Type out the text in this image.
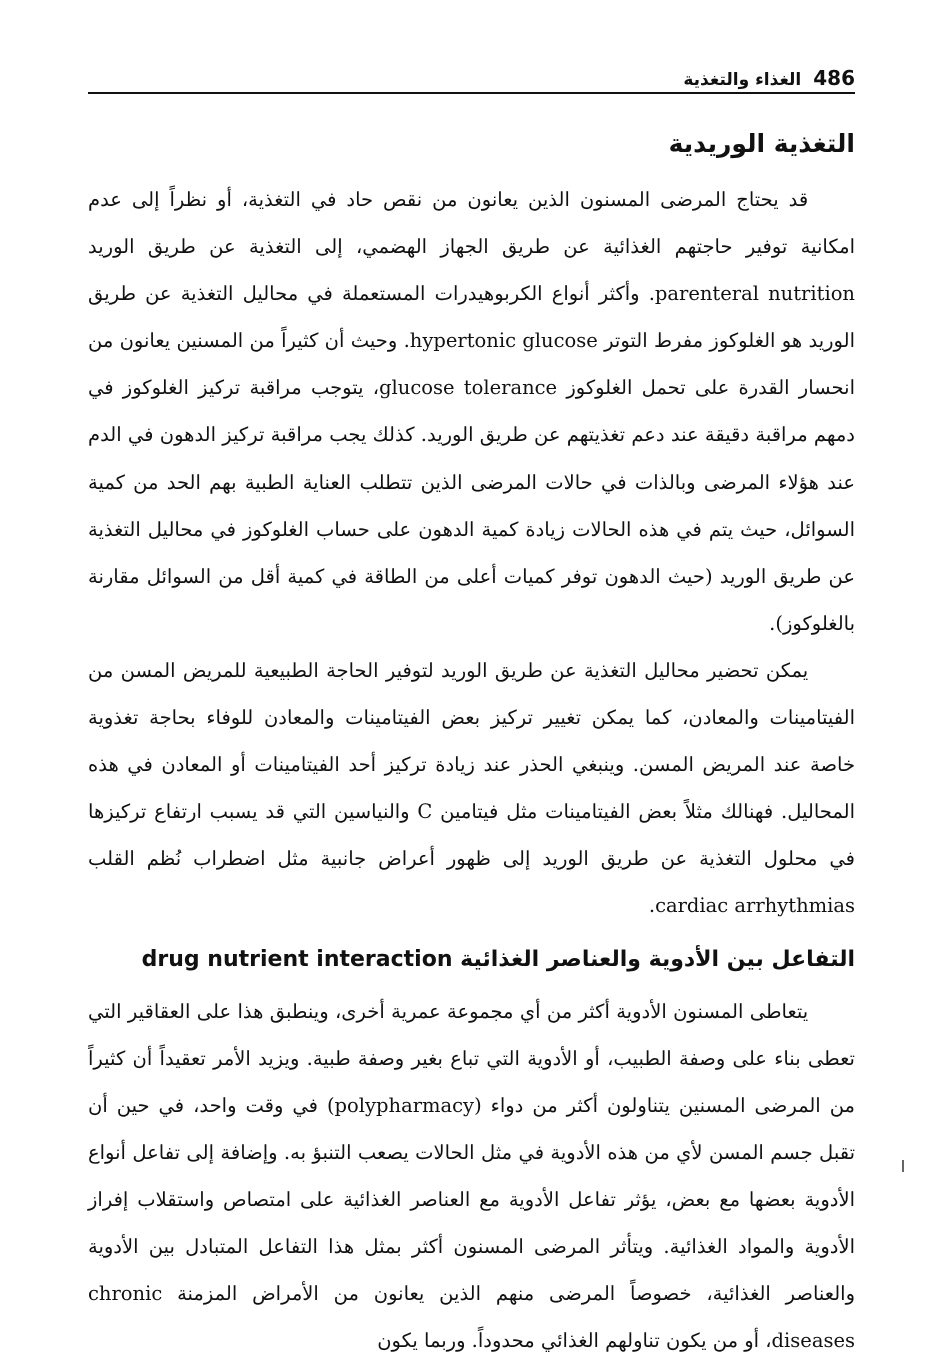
486
الغذاء والتغذية
التغذية الوريدية

قد يحتاج المرضى المسنون الذين يعانون من نقص حاد في التغذية، أو نظراً إلى عدم امكانية توفير حاجتهم الغذائية عن طريق الجهاز الهضمي، إلى التغذية عن طريق الوريد parenteral nutrition. وأكثر أنواع الكربوهيدرات المستعملة في محاليل التغذية عن طريق الوريد هو الغلوكوز مفرط التوتر hypertonic glucose. وحيث أن كثيراً من المسنين يعانون من انحسار القدرة على تحمل الغلوكوز glucose tolerance، يتوجب مراقبة تركيز الغلوكوز في دمهم مراقبة دقيقة عند دعم تغذيتهم عن طريق الوريد. كذلك يجب مراقبة تركيز الدهون في الدم عند هؤلاء المرضى وبالذات في حالات المرضى الذين تتطلب العناية الطبية بهم الحد من كمية السوائل، حيث يتم في هذه الحالات زيادة كمية الدهون على حساب الغلوكوز في محاليل التغذية عن طريق الوريد (حيث الدهون توفر كميات أعلى من الطاقة في كمية أقل من السوائل مقارنة بالغلوكوز).

يمكن تحضير محاليل التغذية عن طريق الوريد لتوفير الحاجة الطبيعية للمريض المسن من الفيتامينات والمعادن، كما يمكن تغيير تركيز بعض الفيتامينات والمعادن للوفاء بحاجة تغذوية خاصة عند المريض المسن. وينبغي الحذر عند زيادة تركيز أحد الفيتامينات أو المعادن في هذه المحاليل. فهنالك مثلاً بعض الفيتامينات مثل فيتامين C والنياسين التي قد يسبب ارتفاع تركيزها في محلول التغذية عن طريق الوريد إلى ظهور أعراض جانبية مثل اضطراب نُظم القلب cardiac arrhythmias.

التفاعل بين الأدوية والعناصر الغذائية drug nutrient interaction

يتعاطى المسنون الأدوية أكثر من أي مجموعة عمرية أخرى، وينطبق هذا على العقاقير التي تعطى بناء على وصفة الطبيب، أو الأدوية التي تباع بغير وصفة طبية. ويزيد الأمر تعقيداً أن كثيراً من المرضى المسنين يتناولون أكثر من دواء (polypharmacy) في وقت واحد، في حين أن تقبل جسم المسن لأي من هذه الأدوية في مثل الحالات يصعب التنبؤ به. وإضافة إلى تفاعل أنواع الأدوية بعضها مع بعض، يؤثر تفاعل الأدوية مع العناصر الغذائية على امتصاص واستقلاب إفراز الأدوية والمواد الغذائية. ويتأثر المرضى المسنون أكثر بمثل هذا التفاعل المتبادل بين الأدوية والعناصر الغذائية، خصوصاً المرضى منهم الذين يعانون من الأمراض المزمنة chronic diseases، أو من يكون تناولهم الغذائي محدوداً. وربما يكون
